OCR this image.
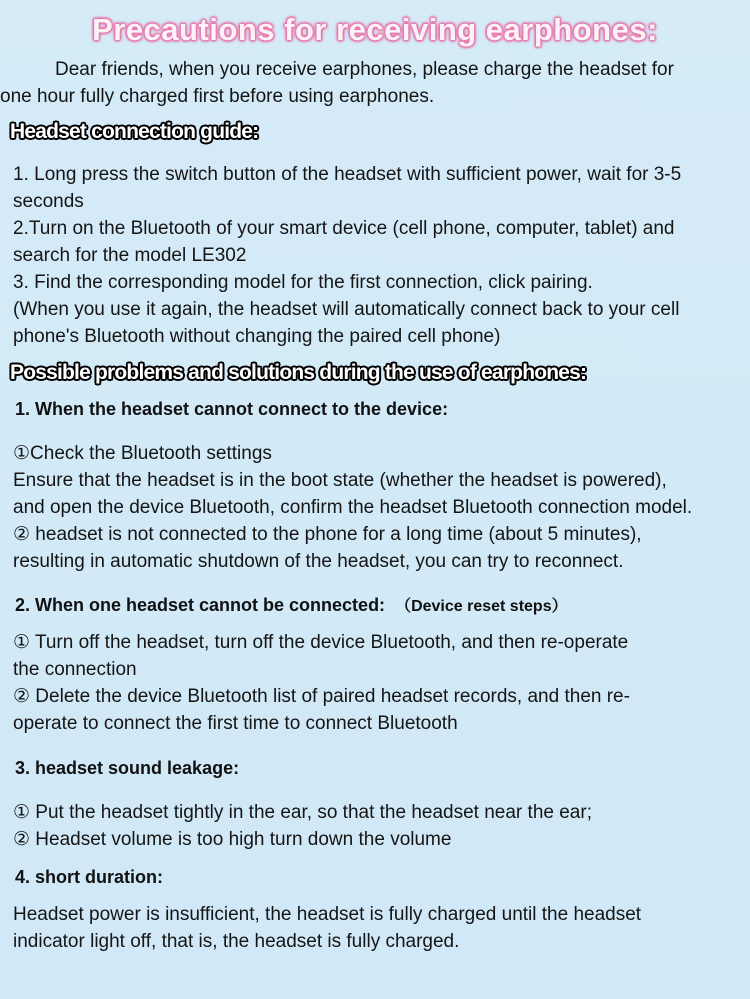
Precautions for receiving earphones:
Dear friends, when you receive earphones, please charge the headset for
one hour fully charged first before using earphones.
Headset connection guide:

1. Long press the switch button of the headset with sufficient power, wait for 3-5

seconds

2.Turn on the Bluetooth of your smart device (cell phone, computer, tablet) and

search for the model LE302

3. Find the corresponding model for the first connection, click pairing.

(When you use it again, the headset will automatically connect back to your cell

phone's Bluetooth without changing the paired cell phone)

Possible problems and solutions during the use of earphones:
1. When the headset cannot connect to the device:

①Check the Bluetooth settings

Ensure that the headset is in the boot state (whether the headset is powered),

and open the device Bluetooth, confirm the headset Bluetooth connection model.

② headset is not connected to the phone for a long time (about 5 minutes),

resulting in automatic shutdown of the headset, you can try to reconnect.

2. When one headset cannot be connected: （Device reset steps）

① Turn off the headset, turn off the device Bluetooth, and then re-operate

the connection

② Delete the device Bluetooth list of paired headset records, and then re-

operate to connect the first time to connect Bluetooth

3. headset sound leakage:

① Put the headset tightly in the ear, so that the headset near the ear;

② Headset volume is too high turn down the volume

4. short duration:

Headset power is insufficient, the headset is fully charged until the headset

indicator light off, that is, the headset is fully charged.
